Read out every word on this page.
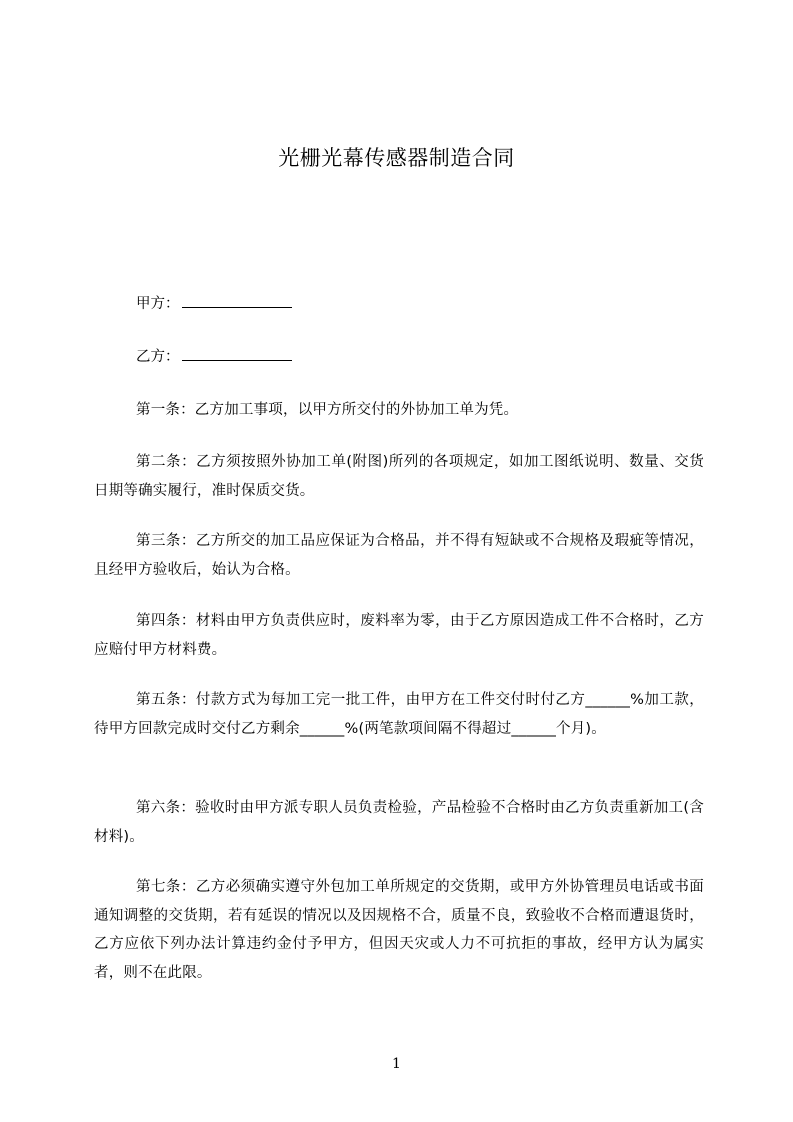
光栅光幕传感器制造合同
甲方：
乙方：
第一条：乙方加工事项，以甲方所交付的外协加工单为凭。
第二条：乙方须按照外协加工单(附图)所列的各项规定，如加工图纸说明、数量、交货日期等确实履行，准时保质交货。
第三条：乙方所交的加工品应保证为合格品，并不得有短缺或不合规格及瑕疵等情况，且经甲方验收后，始认为合格。
第四条：材料由甲方负责供应时，废料率为零，由于乙方原因造成工件不合格时，乙方应赔付甲方材料费。
第五条：付款方式为每加工完一批工件，由甲方在工件交付时付乙方______%加工款，待甲方回款完成时交付乙方剩余______%(两笔款项间隔不得超过______个月)。
第六条：验收时由甲方派专职人员负责检验，产品检验不合格时由乙方负责重新加工(含材料)。
第七条：乙方必须确实遵守外包加工单所规定的交货期，或甲方外协管理员电话或书面通知调整的交货期，若有延误的情况以及因规格不合，质量不良，致验收不合格而遭退货时，乙方应依下列办法计算违约金付予甲方，但因天灾或人力不可抗拒的事故，经甲方认为属实者，则不在此限。
1
